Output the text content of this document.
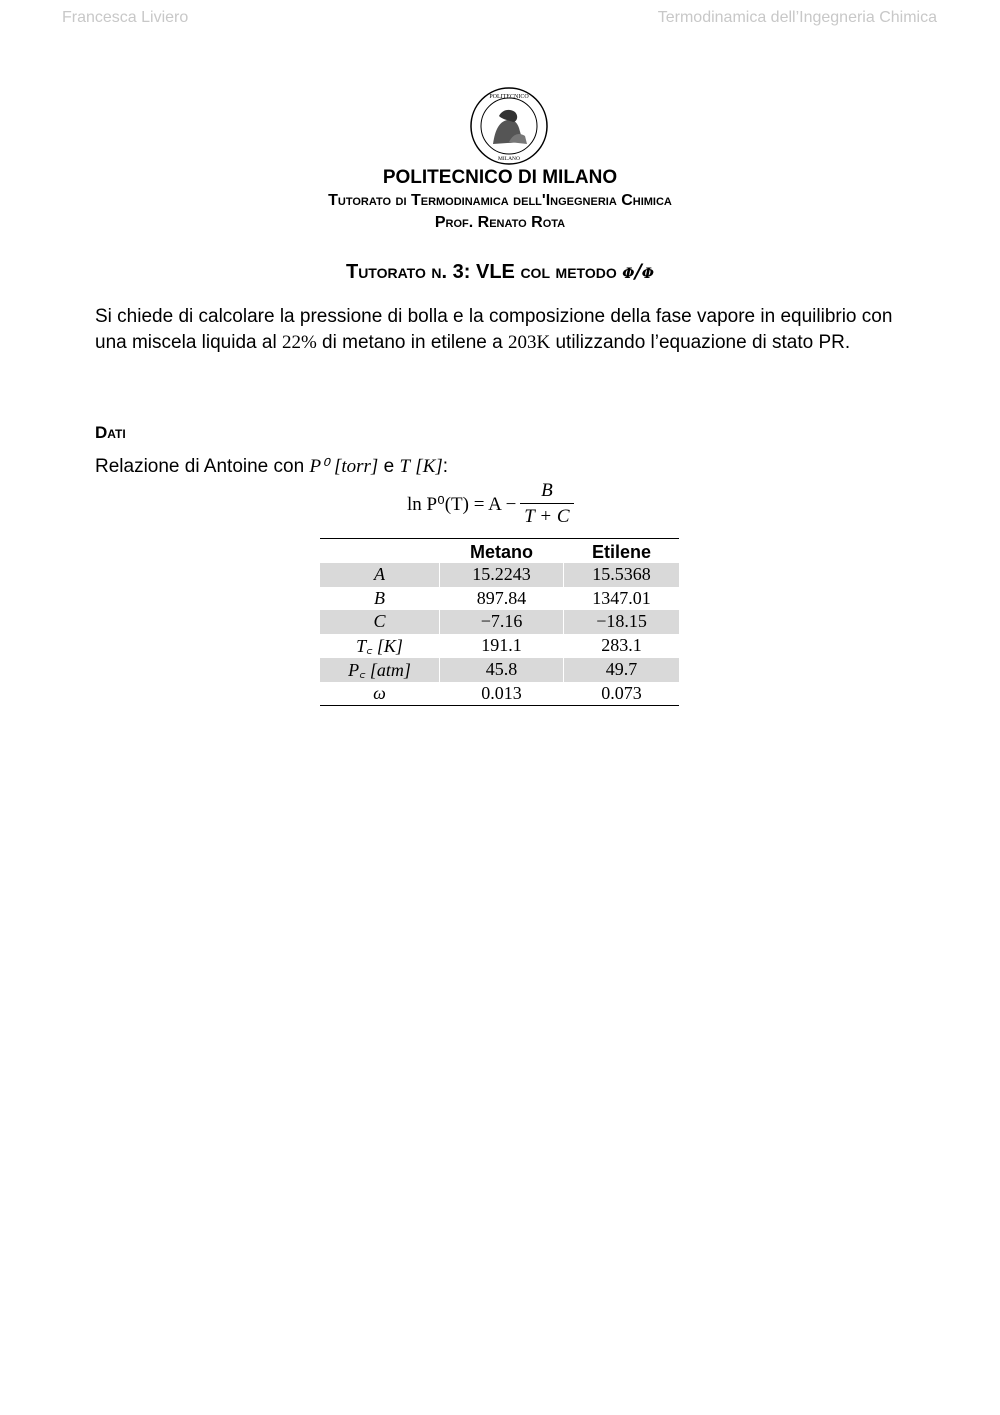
Francesca Liviero	Termodinamica dell’Ingegneria Chimica
POLITECNICO
MILANO
POLITECNICO DI MILANO
Tutorato di Termodinamica dell'Ingegneria Chimica
Prof. Renato Rota
Tutorato n. 3: VLE col metodo ϕ/ϕ
Si chiede di calcolare la pressione di bolla e la composizione della fase vapore in equilibrio con una miscela liquida al 22% di metano in etilene a 203K utilizzando l’equazione di stato PR.
Dati
Relazione di Antoine con P⁰ [torr] e T [K]:
$\ln P^0(T) = A - \frac{B}{T + C}$
	Metano	Etilene
A	15.2243	15.5368
B	897.84	1347.01
C	−7.16	−18.15
T꜀ [K]	191.1	283.1
P꜀ [atm]	45.8	49.7
ω	0.013	0.073
